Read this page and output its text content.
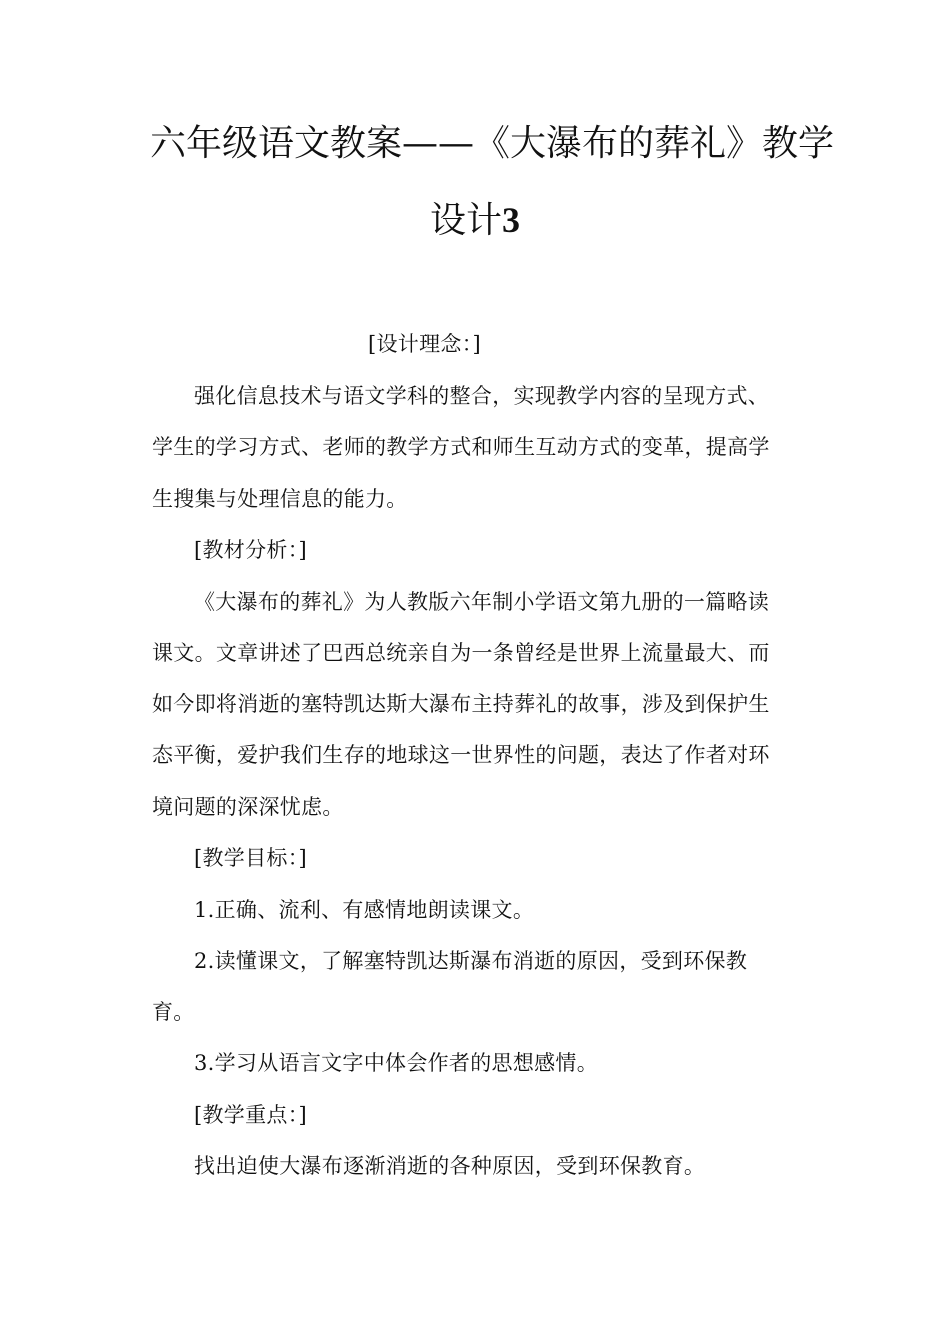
六年级语文教案——《大瀑布的葬礼》教学
设计3
[设计理念：]
强化信息技术与语文学科的整合，实现教学内容的呈现方式、
学生的学习方式、老师的教学方式和师生互动方式的变革，提高学
生搜集与处理信息的能力。
[教材分析：]
《大瀑布的葬礼》为人教版六年制小学语文第九册的一篇略读
课文。文章讲述了巴西总统亲自为一条曾经是世界上流量最大、而
如今即将消逝的塞特凯达斯大瀑布主持葬礼的故事，涉及到保护生
态平衡，爱护我们生存的地球这一世界性的问题，表达了作者对环
境问题的深深忧虑。
[教学目标：]
1.正确、流利、有感情地朗读课文。
2.读懂课文，了解塞特凯达斯瀑布消逝的原因，受到环保教
育。
3.学习从语言文字中体会作者的思想感情。
[教学重点：]
找出迫使大瀑布逐渐消逝的各种原因，受到环保教育。
